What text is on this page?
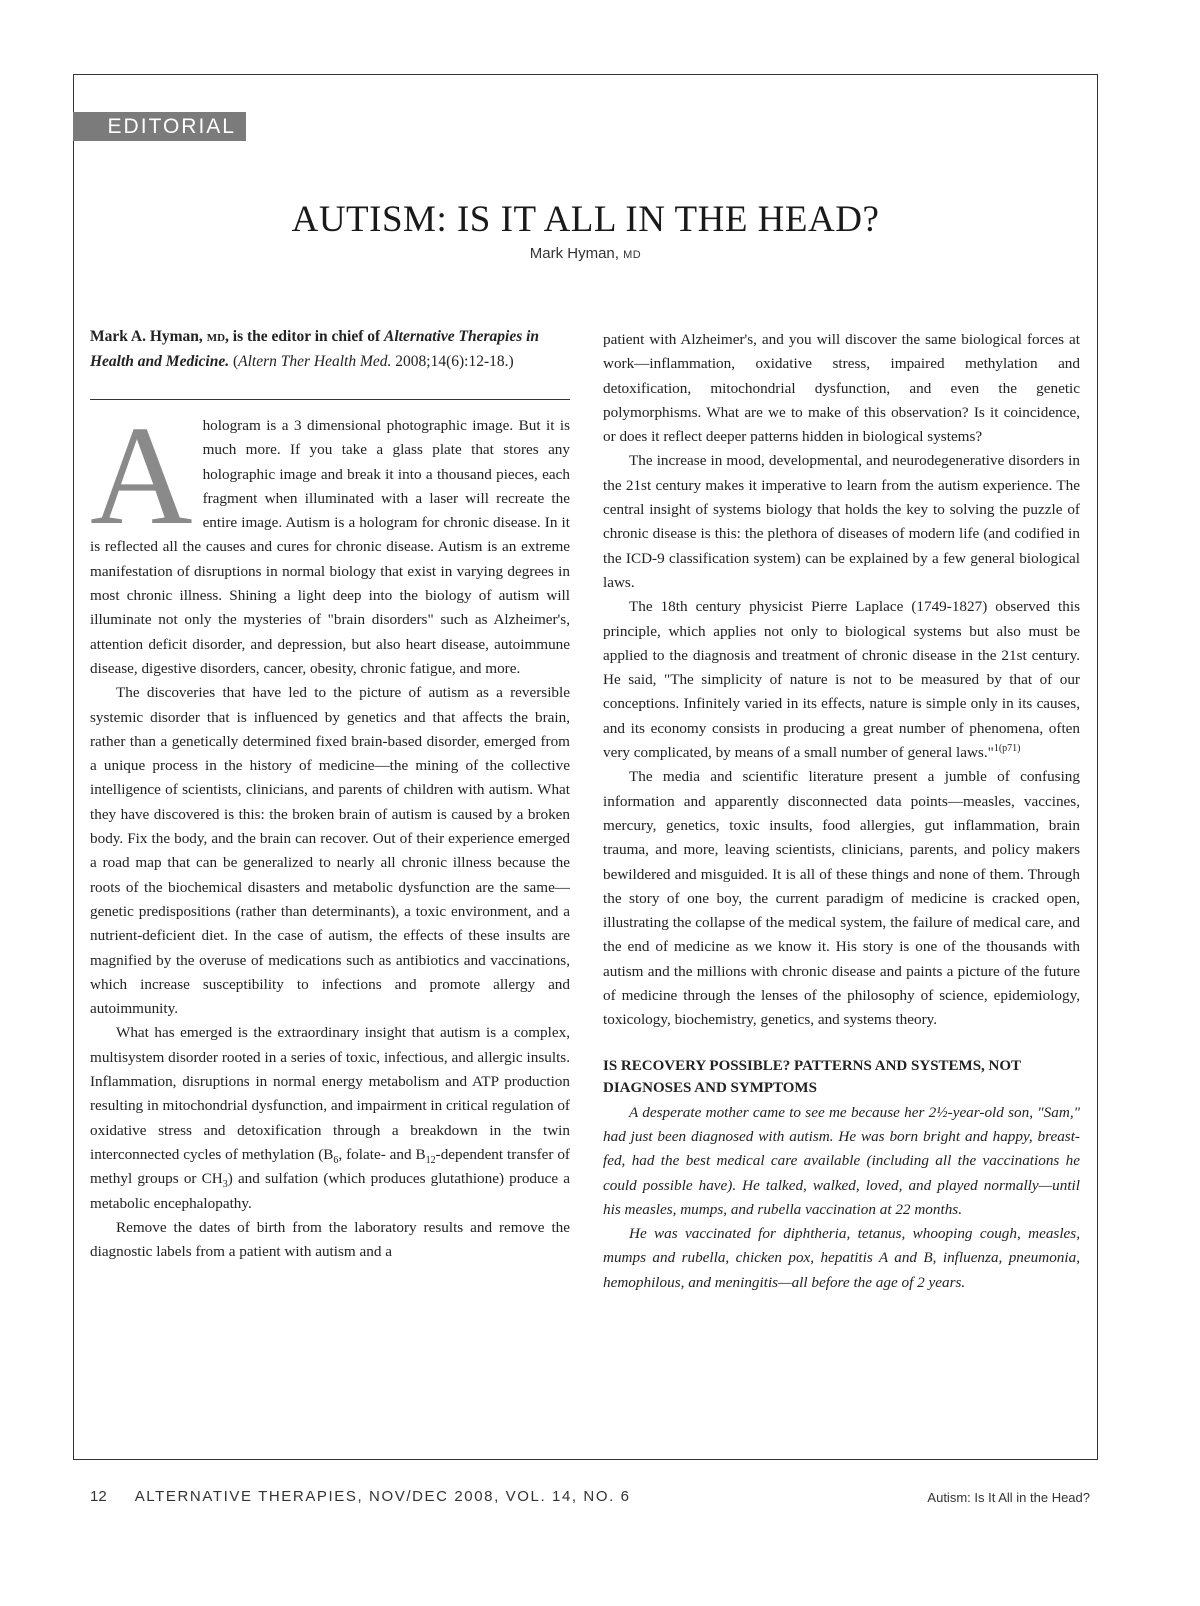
EDITORIAL
AUTISM: IS IT ALL IN THE HEAD?
Mark Hyman, MD

Mark A. Hyman, MD, is the editor in chief of Alternative Therapies in Health and Medicine. (Altern Ther Health Med. 2008;14(6):12-18.)

Ahologram is a 3 dimensional photographic image. But it is much more. If you take a glass plate that stores any holographic image and break it into a thousand pieces, each fragment when illuminated with a laser will recreate the entire image. Autism is a hologram for chronic disease. In it is reflected all the causes and cures for chronic disease. Autism is an extreme manifestation of disruptions in normal biology that exist in varying degrees in most chronic illness. Shining a light deep into the biology of autism will illuminate not only the mysteries of "brain disorders" such as Alzheimer's, attention deficit disorder, and depression, but also heart disease, autoimmune disease, digestive disorders, cancer, obesity, chronic fatigue, and more.

The discoveries that have led to the picture of autism as a reversible systemic disorder that is influenced by genetics and that affects the brain, rather than a genetically determined fixed brain-based disorder, emerged from a unique process in the history of medicine—the mining of the collective intelligence of scientists, clinicians, and parents of children with autism. What they have discovered is this: the broken brain of autism is caused by a broken body. Fix the body, and the brain can recover. Out of their experience emerged a road map that can be generalized to nearly all chronic illness because the roots of the biochemical disasters and metabolic dysfunction are the same—genetic predispositions (rather than determinants), a toxic environment, and a nutrient-deficient diet. In the case of autism, the effects of these insults are magnified by the overuse of medications such as antibiotics and vaccinations, which increase susceptibility to infections and promote allergy and autoimmunity.

What has emerged is the extraordinary insight that autism is a complex, multisystem disorder rooted in a series of toxic, infectious, and allergic insults. Inflammation, disruptions in normal energy metabolism and ATP production resulting in mitochondrial dysfunction, and impairment in critical regulation of oxidative stress and detoxification through a breakdown in the twin interconnected cycles of methylation ($B_6$, folate- and $B_{12}$-dependent transfer of methyl groups or $CH_3$) and sulfation (which produces glutathione) produce a metabolic encephalopathy.

Remove the dates of birth from the laboratory results and remove the diagnostic labels from a patient with autism and a

patient with Alzheimer's, and you will discover the same biological forces at work—inflammation, oxidative stress, impaired methylation and detoxification, mitochondrial dysfunction, and even the genetic polymorphisms. What are we to make of this observation? Is it coincidence, or does it reflect deeper patterns hidden in biological systems?

The increase in mood, developmental, and neurodegenerative disorders in the 21st century makes it imperative to learn from the autism experience. The central insight of systems biology that holds the key to solving the puzzle of chronic disease is this: the plethora of diseases of modern life (and codified in the ICD-9 classification system) can be explained by a few general biological laws.

The 18th century physicist Pierre Laplace (1749-1827) observed this principle, which applies not only to biological systems but also must be applied to the diagnosis and treatment of chronic disease in the 21st century. He said, "The simplicity of nature is not to be measured by that of our conceptions. Infinitely varied in its effects, nature is simple only in its causes, and its economy consists in producing a great number of phenomena, often very complicated, by means of a small number of general laws."$^{1(p71)}$

The media and scientific literature present a jumble of confusing information and apparently disconnected data points—measles, vaccines, mercury, genetics, toxic insults, food allergies, gut inflammation, brain trauma, and more, leaving scientists, clinicians, parents, and policy makers bewildered and misguided. It is all of these things and none of them. Through the story of one boy, the current paradigm of medicine is cracked open, illustrating the collapse of the medical system, the failure of medical care, and the end of medicine as we know it. His story is one of the thousands with autism and the millions with chronic disease and paints a picture of the future of medicine through the lenses of the philosophy of science, epidemiology, toxicology, biochemistry, genetics, and systems theory.

IS RECOVERY POSSIBLE? PATTERNS AND SYSTEMS, NOT DIAGNOSES AND SYMPTOMS

A desperate mother came to see me because her 2½-year-old son, "Sam," had just been diagnosed with autism. He was born bright and happy, breast-fed, had the best medical care available (including all the vaccinations he could possible have). He talked, walked, loved, and played normally—until his measles, mumps, and rubella vaccination at 22 months.

He was vaccinated for diphtheria, tetanus, whooping cough, measles, mumps and rubella, chicken pox, hepatitis A and B, influenza, pneumonia, hemophilous, and meningitis—all before the age of 2 years.

12 ALTERNATIVE THERAPIES, NOV/DEC 2008, VOL. 14, NO. 6	Autism: Is It All in the Head?
